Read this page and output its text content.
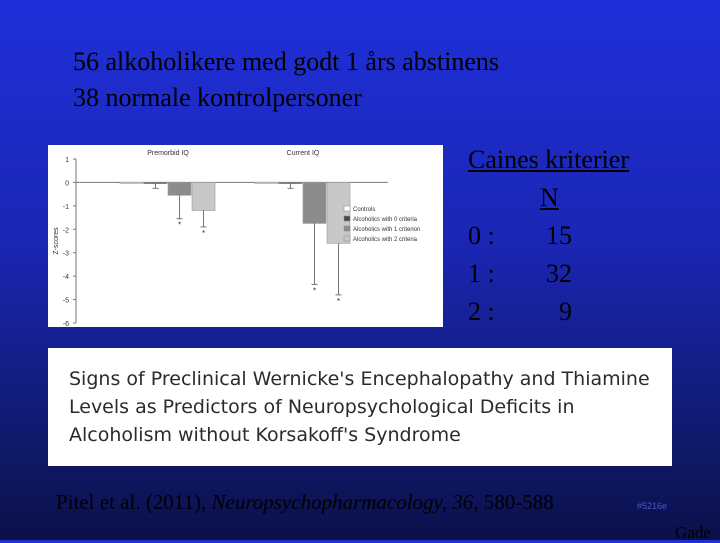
56 alkoholikere med godt 1 års abstinens
38 normale kontrolpersoner
1
0
-1
-2
-3
-4
-5
-6
Z-scores
Premorbid IQ	Current IQ
*
*
*
*
Controls
Alcoholics with 0 criteria
Alcoholics with 1 criterion
Alcoholics with 2 criteria
Caines kriterier
N
0 :	15
1 :	32
2 :	9
Signs of Preclinical Wernicke's Encephalopathy and Thiamine Levels as Predictors of Neuropsychological Deficits in Alcoholism without Korsakoff's Syndrome
Pitel et al. (2011), Neuropsychopharmacology, 36, 580-588	#5216e
Gade
